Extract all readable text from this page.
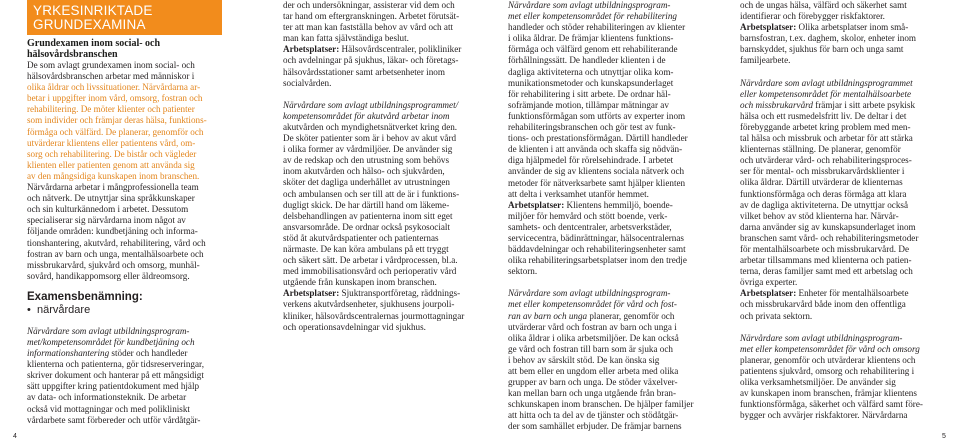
YRKESINRIKTADE
GRUNDEXAMINA
Grundexamen inom social- och
hälsovårdsbranschen
De som avlagt grundexamen inom social- och
hälsovårdsbranschen arbetar med människor i
olika åldrar och livssituationer. Närvårdarna ar-
betar i uppgifter inom vård, omsorg, fostran och
rehabilitering. De möter klienter och patienter
som individer och främjar deras hälsa, funktions-
förmåga och välfärd. De planerar, genomför och
utvärderar klientens eller patientens vård, om-
sorg och rehabilitering. De bistår och vägleder
klienten eller patienten genom att använda sig
av den mångsidiga kunskapen inom branschen.
Närvårdarna arbetar i mångprofessionella team
och nätverk. De utnyttjar sina språkkunskaper
och sin kulturkännedom i arbetet. Dessutom
specialiserar sig närvårdarna inom något av
följande områden: kundbetjäning och informa-
tionshantering, akutvård, rehabilitering, vård och
fostran av barn och unga, mentalhälsoarbete och
missbrukarvård, sjukvård och omsorg, munhäl-
sovård, handikappomsorg eller äldreomsorg.
Examensbenämning:
• närvårdare
Närvårdare som avlagt utbildningsprogram-
met/kompetensområdet för kundbetjäning och
informationshantering stöder och handleder
klienterna och patienterna, gör tidsreserveringar,
skriver dokument och hanterar på ett mångsidigt
sätt uppgifter kring patientdokument med hjälp
av data- och informationsteknik. De arbetar
också vid mottagningar och med polikliniskt
vårdarbete samt förbereder och utför vårdåtgär-
der och undersökningar, assisterar vid dem och
tar hand om eftergranskningen. Arbetet förutsät-
ter att man kan fastställa behov av vård och att
man kan fatta självständiga beslut.
Arbetsplatser: Hälsovårdscentraler, polikliniker
och avdelningar på sjukhus, läkar- och företags-
hälsovårdsstationer samt arbetsenheter inom
socialvården.
Närvårdare som avlagt utbildningsprogrammet/
kompetensområdet för akutvård arbetar inom
akutvården och myndighetsnätverket kring den.
De sköter patienter som är i behov av akut vård
i olika former av vårdmiljöer. De använder sig
av de redskap och den utrustning som behövs
inom akutvården och hälso- och sjukvården,
sköter det dagliga underhållet av utrustningen
och ambulansen och ser till att de är i funktions-
dugligt skick. De har därtill hand om läkeme-
delsbehandlingen av patienterna inom sitt eget
ansvarsområde. De ordnar också psykosocialt
stöd åt akutvårdspatienter och patienternas
närmaste. De kan köra ambulans på ett tryggt
och säkert sätt. De arbetar i vårdprocessen, bl.a.
med immobilisationsvård och perioperativ vård
utgående från kunskapen inom branschen.
Arbetsplatser: Sjuktransportföretag, räddnings-
verkens akutvårdsenheter, sjukhusens jourpoli-
kliniker, hälsovårdscentralernas jourmottagningar
och operationsavdelningar vid sjukhus.
Närvårdare som avlagt utbildningsprogram-
met eller kompetensområdet för rehabilitering
handleder och stöder rehabiliteringen av klienter
i olika åldrar. De främjar klientens funktions-
förmåga och välfärd genom ett rehabiliterande
förhållningssätt. De handleder klienten i de
dagliga aktiviteterna och utnyttjar olika kom-
munikationsmetoder och kunskapsunderlaget
för rehabilitering i sitt arbete. De ordnar häl-
sofrämjande motion, tillämpar mätningar av
funktionsförmågan som utförts av experter inom
rehabiliteringsbranschen och gör test av funk-
tions- och prestationsförmågan. Därtill handleder
de klienten i att använda och skaffa sig nödvän-
diga hjälpmedel för rörelsehindrade. I arbetet
använder de sig av klientens sociala nätverk och
metoder för nätverksarbete samt hjälper klienten
att delta i verksamhet utanför hemmet.
Arbetsplatser: Klientens hemmiljö, boende-
miljöer för hemvård och stött boende, verk-
samhets- och dentcentraler, arbetsverkstäder,
servicecentra, bädinrättningar, hälsocentralernas
bäddavdelningar och rehabiliteringsenheter samt
olika rehabiliteringsarbetsplatser inom den tredje
sektorn.
Närvårdare som avlagt utbildningsprogram-
met eller kompetensområdet för vård och fost-
ran av barn och unga planerar, genomför och
utvärderar vård och fostran av barn och unga i
olika åldrar i olika arbetsmiljöer. De kan också
ge vård och fostran till barn som är sjuka och
i behov av särskilt stöd. De kan önska sig
att bem eller en ungdom eller arbeta med olika
grupper av barn och unga. De stöder växelver-
kan mellan barn och unga utgående från bran-
schkunskapen inom branschen. De hjälper familjer
att hitta och ta del av de tjänster och stödåtgär-
der som samhället erbjuder. De främjar barnens
och de ungas hälsa, välfärd och säkerhet samt
identifierar och förebygger riskfaktorer.
Arbetsplatser: Olika arbetsplatser inom små-
barnsfostran, t.ex. daghem, skolor, enheter inom
barnskyddet, sjukhus för barn och unga samt
familjearbete.
Närvårdare som avlagt utbildningsprogrammet
eller kompetensområdet för mentalhälsoarbete
och missbrukarvård främjar i sitt arbete psykisk
hälsa och ett rusmedelsfritt liv. De deltar i det
förebyggande arbetet kring problem med men-
tal hälsa och missbruk och arbetar för att stärka
klienternas ställning. De planerar, genomför
och utvärderar vård- och rehabiliteringsproces-
ser för mental- och missbrukarvårdsklienter i
olika åldrar. Därtill utvärderar de klienternas
funktionsförmåga och deras förmåga att klara
av de dagliga aktiviteterna. De utnyttjar också
vilket behov av stöd klienterna har. Närvår-
darna använder sig av kunskapsunderlaget inom
branschen samt vård- och rehabiliteringsmetoder
för mentalhälsoarbete och missbrukarvård. De
arbetar tillsammans med klienterna och patien-
terna, deras familjer samt med ett arbetslag och
övriga experter.
Arbetsplatser: Enheter för mentalhälsoarbete
och missbrukarvård både inom den offentliga
och privata sektorn.
Närvårdare som avlagt utbildningsprogram-
met eller kompetensområdet för vård och omsorg
planerar, genomför och utvärderar klientens och
patientens sjukvård, omsorg och rehabilitering i
olika verksamhetsmiljöer. De använder sig
av kunskapen inom branschen, främjar klientens
funktionsförmåga, säkerhet och välfärd samt före-
bygger och avvärjer riskfaktorer. Närvårdarna
4	5
